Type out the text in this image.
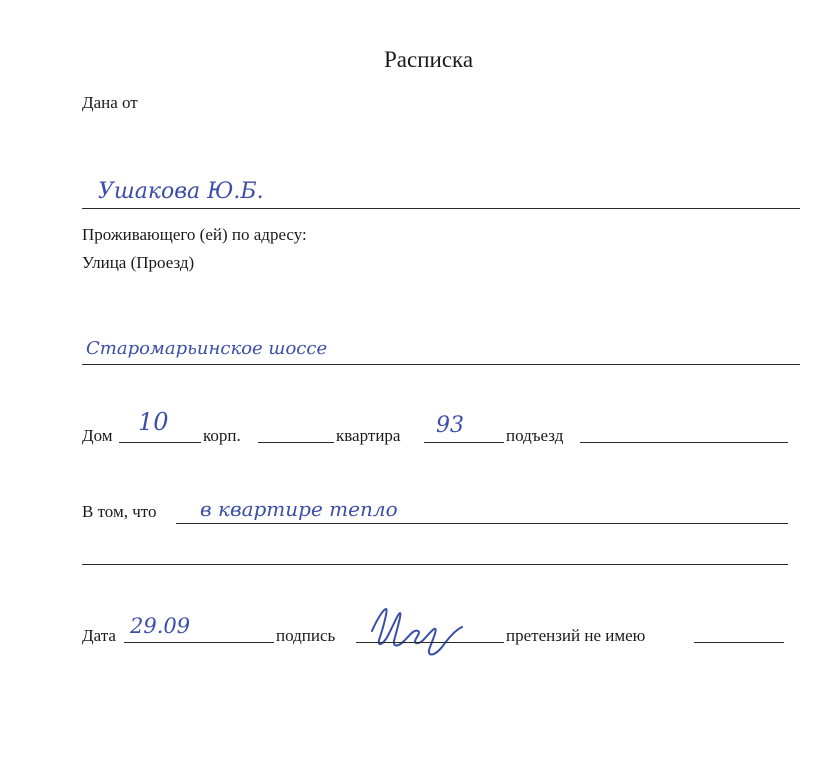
Расписка
Дана от
Ушакова Ю.Б.
Проживающего (ей) по адресу:
Улица (Проезд)
Старомарьинское шоссе
Дом 10 корп.	квартира 93 подъезд
В том, что в квартире тепло
Дата 29.09	подпись	претензий не имею
